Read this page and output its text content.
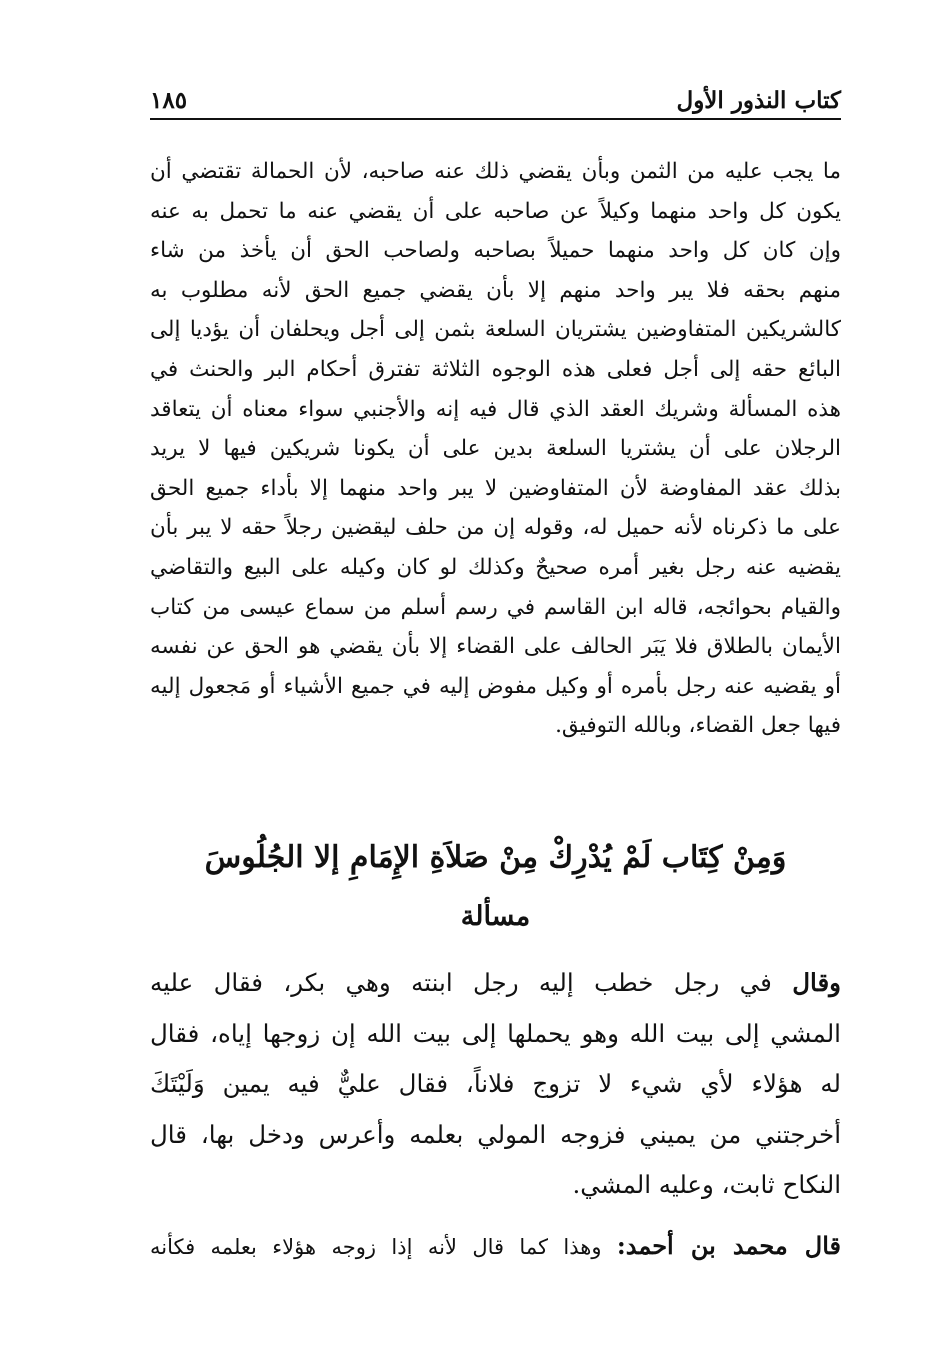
كتاب النذور الأول
١٨٥
ما يجب عليه من الثمن وبأن يقضي ذلك عنه صاحبه، لأن الحمالة تقتضي أن
يكون كل واحد منهما وكيلاً عن صاحبه على أن يقضي عنه ما تحمل به عنه
وإن كان كل واحد منهما حميلاً بصاحبه ولصاحب الحق أن يأخذ من شاء
منهم بحقه فلا يبر واحد منهم إلا بأن يقضي جميع الحق لأنه مطلوب به
كالشريكين المتفاوضين يشتريان السلعة بثمن إلى أجل ويحلفان أن يؤديا إلى
البائع حقه إلى أجل فعلى هذه الوجوه الثلاثة تفترق أحكام البر والحنث في
هذه المسألة وشريك العقد الذي قال فيه إنه والأجنبي سواء معناه أن يتعاقد
الرجلان على أن يشتريا السلعة بدين على أن يكونا شريكين فيها لا يريد
بذلك عقد المفاوضة لأن المتفاوضين لا يبر واحد منهما إلا بأداء جميع الحق
على ما ذكرناه لأنه حميل له، وقوله إن من حلف ليقضين رجلاً حقه لا يبر بأن
يقضيه عنه رجل بغير أمره صحيحٌ وكذلك لو كان وكيله على البيع والتقاضي
والقيام بحوائجه، قاله ابن القاسم في رسم أسلم من سماع عيسى من كتاب
الأيمان بالطلاق فلا يَبَر الحالف على القضاء إلا بأن يقضي هو الحق عن نفسه
أو يقضيه عنه رجل بأمره أو وكيل مفوض إليه في جميع الأشياء أو مَجعول إليه
فيها جعل القضاء، وبالله التوفيق.
وَمِنْ كِتَاب لَمْ يُدْرِكْ مِنْ صَلاَةِ الإِمَامِ إلا الجُلُوسَ
مسألة
وقال في رجل خطب إليه رجل ابنته وهي بكر، فقال عليه
المشي إلى بيت الله وهو يحملها إلى بيت الله إن زوجها إياه، فقال
له هؤلاء لأي شيء لا تزوج فلاناً، فقال عليٌّ فيه يمين وَلَيْتَكَ
أخرجتني من يميني فزوجه المولي بعلمه وأعرس ودخل بها، قال
النكاح ثابت، وعليه المشي.
قال محمد بن أحمد: وهذا كما قال لأنه إذا زوجه هؤلاء بعلمه فكأنه
